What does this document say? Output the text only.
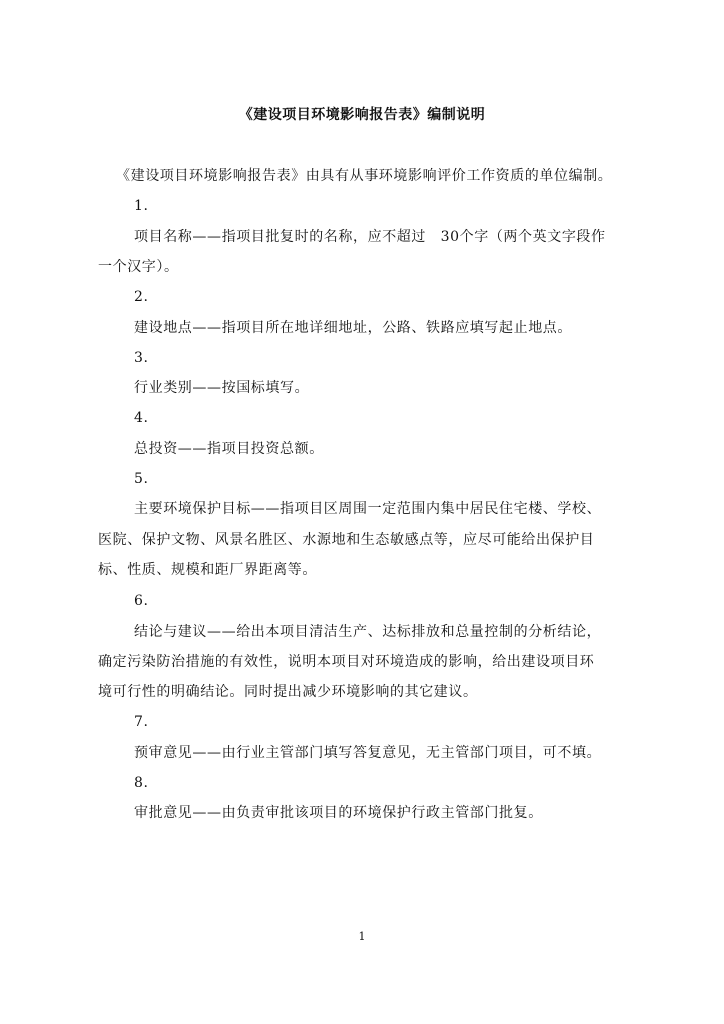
《建设项目环境影响报告表》编制说明
《建设项目环境影响报告表》由具有从事环境影响评价工作资质的单位编制。
1.
项目名称——指项目批复时的名称，应不超过　30个字（两个英文字段作
一个汉字）。
2.
建设地点——指项目所在地详细地址，公路、铁路应填写起止地点。
3.
行业类别——按国标填写。
4.
总投资——指项目投资总额。
5.
主要环境保护目标——指项目区周围一定范围内集中居民住宅楼、学校、
医院、保护文物、风景名胜区、水源地和生态敏感点等，应尽可能给出保护目
标、性质、规模和距厂界距离等。
6.
结论与建议——给出本项目清洁生产、达标排放和总量控制的分析结论，
确定污染防治措施的有效性，说明本项目对环境造成的影响，给出建设项目环
境可行性的明确结论。同时提出减少环境影响的其它建议。
7.
预审意见——由行业主管部门填写答复意见，无主管部门项目，可不填。
8.
审批意见——由负责审批该项目的环境保护行政主管部门批复。
1
